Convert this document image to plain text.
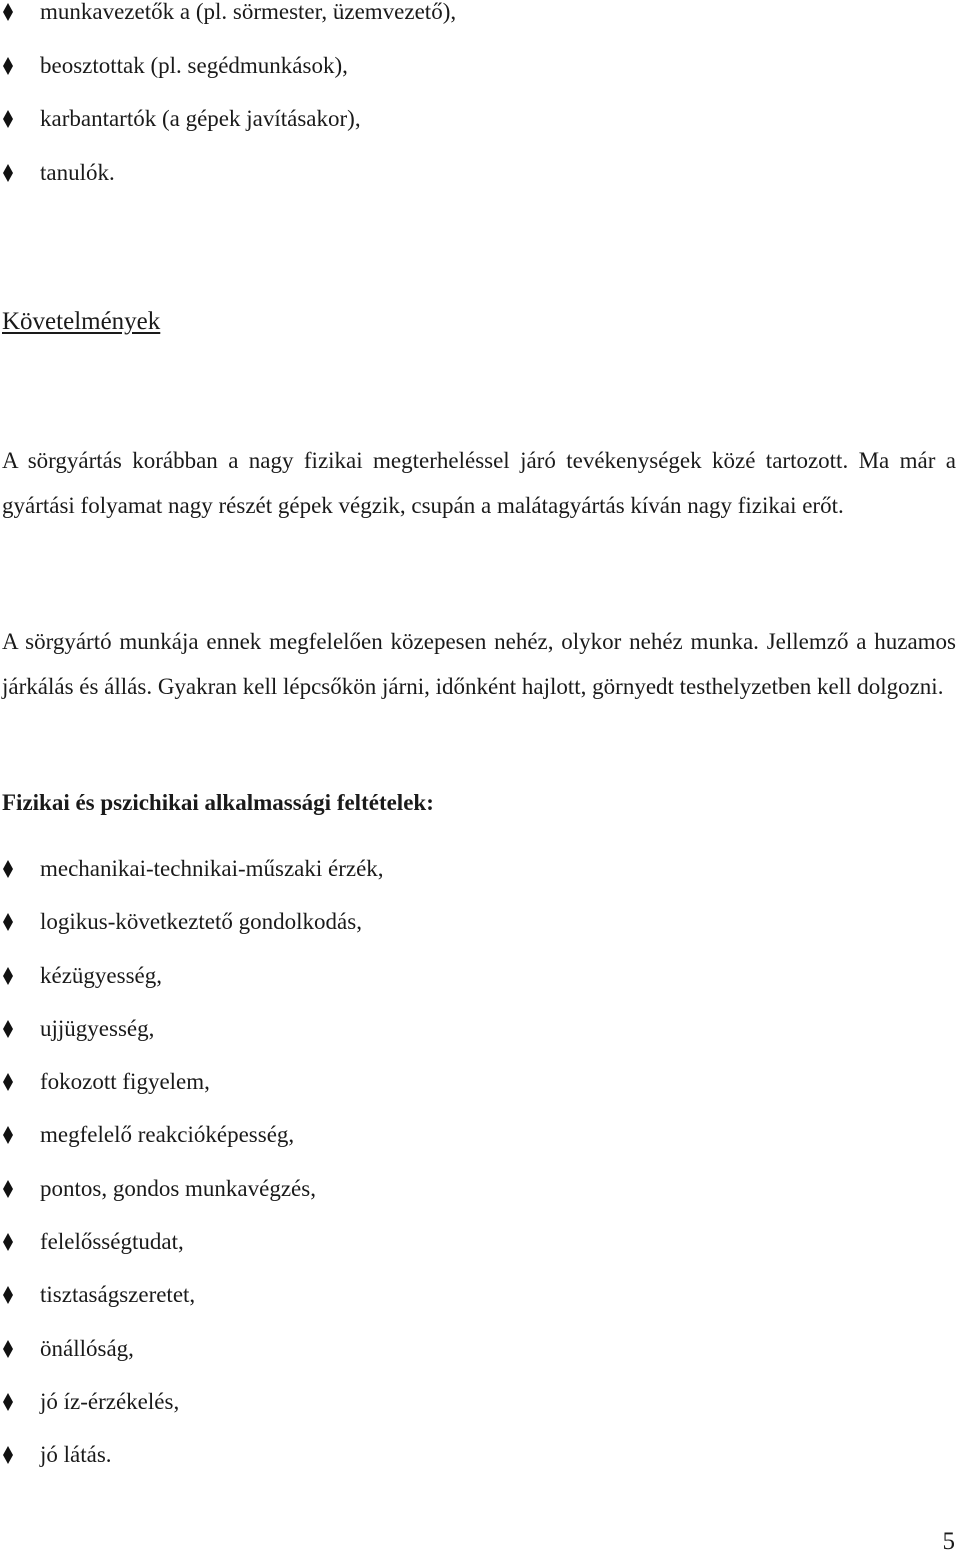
munkavezetők a (pl. sörmester, üzemvezető),
beosztottak (pl. segédmunkások),
karbantartók (a gépek javításakor),
tanulók.
Követelmények

A sörgyártás korábban a nagy fizikai megterheléssel járó tevékenységek közé tartozott. Ma már a gyártási folyamat nagy részét gépek végzik, csupán a malátagyártás kíván nagy fizikai erőt.

A sörgyártó munkája ennek megfelelően közepesen nehéz, olykor nehéz munka. Jellemző a huzamos járkálás és állás. Gyakran kell lépcsőkön járni, időnként hajlott, görnyedt testhelyzetben kell dolgozni.

Fizikai és pszichikai alkalmassági feltételek:
mechanikai-technikai-műszaki érzék,
logikus-következtető gondolkodás,
kézügyesség,
ujjügyesség,
fokozott figyelem,
megfelelő reakcióképesség,
pontos, gondos munkavégzés,
felelősségtudat,
tisztaságszeretet,
önállóság,
jó íz-érzékelés,
jó látás.
5
